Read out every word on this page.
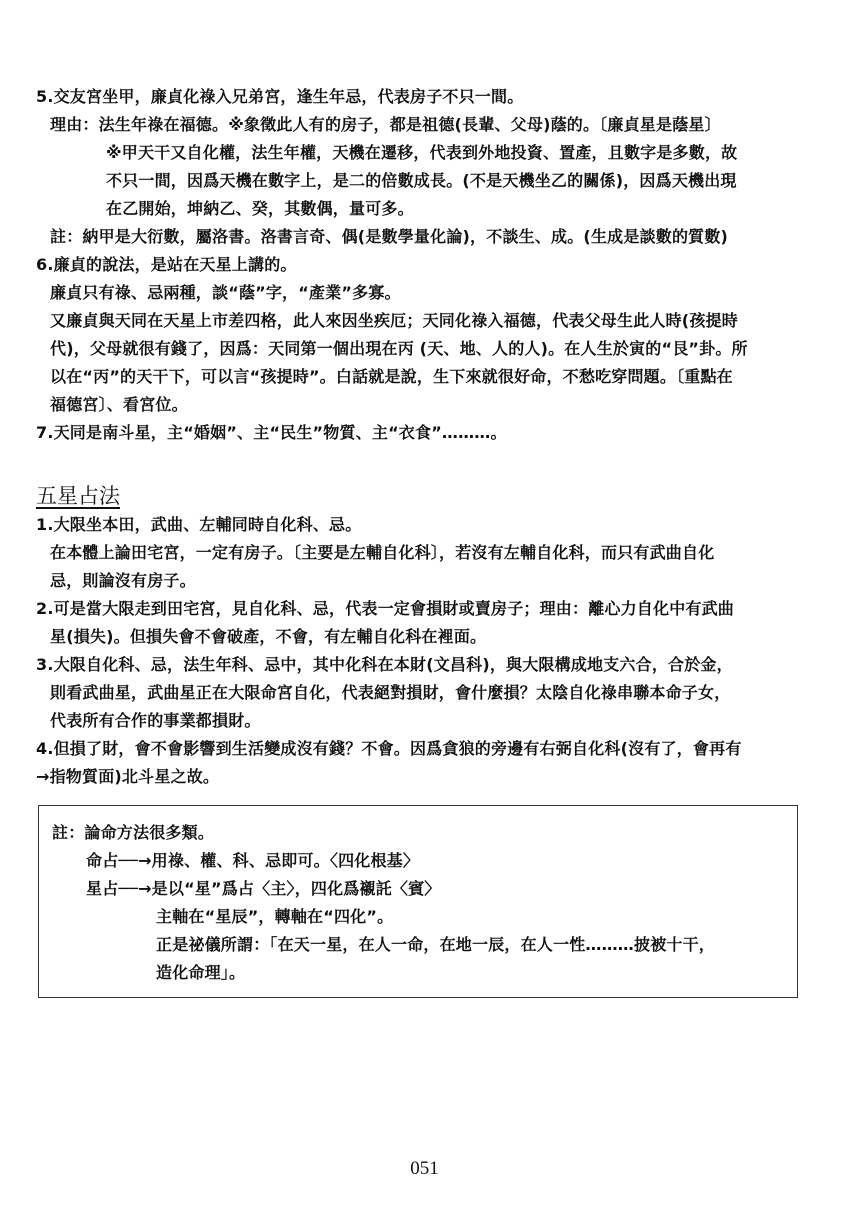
5.交友宮坐甲，廉貞化祿入兄弟宮，逢生年忌，代表房子不只一間。
理由：法生年祿在福德。※象徵此人有的房子，都是祖德(長輩、父母)蔭的。〔廉貞星是蔭星〕
※甲天干又自化權，法生年權，天機在遷移，代表到外地投資、置產，且數字是多數，故
不只一間，因爲天機在數字上，是二的倍數成長。(不是天機坐乙的關係)，因爲天機出現
在乙開始，坤納乙、癸，其數偶，量可多。
註：納甲是大衍數，屬洛書。洛書言奇、偶(是數學量化論)，不談生、成。(生成是談數的質數)
6.廉貞的說法，是站在天星上講的。
廉貞只有祿、忌兩種，談“蔭”字，“產業”多寡。
又廉貞與天同在天星上市差四格，此人來因坐疾厄；天同化祿入福德，代表父母生此人時(孩提時
代)，父母就很有錢了，因爲：天同第一個出現在丙 (天、地、人的人)。在人生於寅的“艮”卦。所
以在“丙”的天干下，可以言“孩提時”。白話就是說，生下來就很好命，不愁吃穿問題。〔重點在
福德宮〕、看宮位。
7.天同是南斗星，主“婚姻”、主“民生”物質、主“衣食”………。
五星占法
1.大限坐本田，武曲、左輔同時自化科、忌。
在本體上論田宅宮，一定有房子。〔主要是左輔自化科〕，若沒有左輔自化科，而只有武曲自化
忌，則論沒有房子。
2.可是當大限走到田宅宮，見自化科、忌，代表一定會損財或賣房子；理由：離心力自化中有武曲
星(損失)。但損失會不會破產，不會，有左輔自化科在裡面。
3.大限自化科、忌，法生年科、忌中，其中化科在本財(文昌科)，與大限構成地支六合，合於金，
則看武曲星，武曲星正在大限命宮自化，代表絕對損財，會什麼損？太陰自化祿串聯本命子女，
代表所有合作的事業都損財。
4.但損了財，會不會影響到生活變成沒有錢？不會。因爲貪狼的旁邊有右弼自化科(沒有了，會再有
→指物質面)北斗星之故。
註：論命方法很多類。
命占──→用祿、權、科、忌即可。〈四化根基〉
星占──→是以“星”爲占〈主〉，四化爲襯託〈賓〉
主軸在“星辰”，轉軸在“四化”。
正是祕儀所謂：「在天一星，在人一命，在地一辰，在人一性………披被十干，
造化命理」。
051
